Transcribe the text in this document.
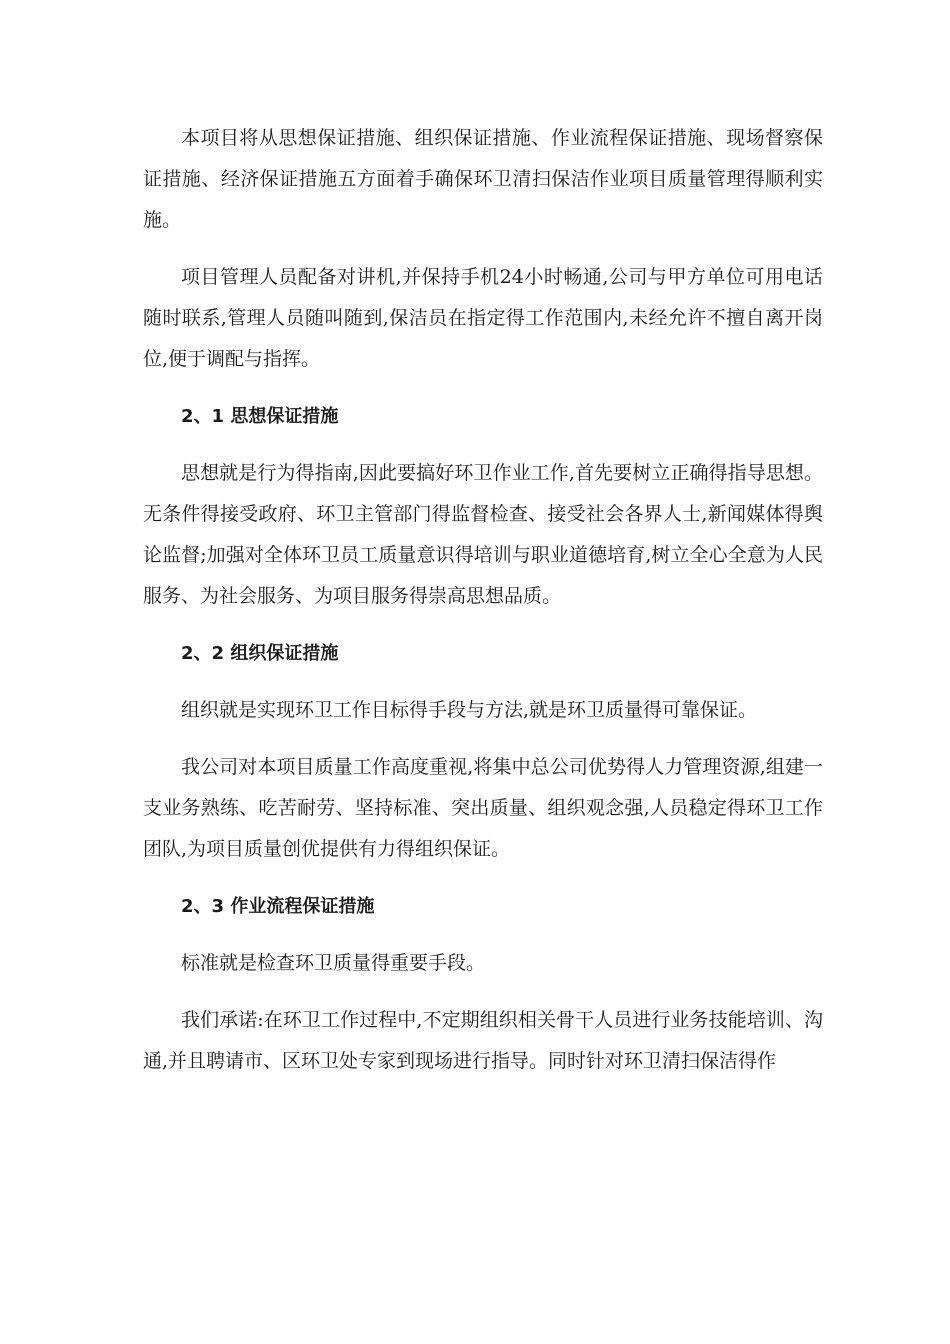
本项目将从思想保证措施、组织保证措施、作业流程保证措施、现场督察保证措施、经济保证措施五方面着手确保环卫清扫保洁作业项目质量管理得顺利实施。

项目管理人员配备对讲机,并保持手机24小时畅通,公司与甲方单位可用电话随时联系,管理人员随叫随到,保洁员在指定得工作范围内,未经允许不擅自离开岗位,便于调配与指挥。

2、1 思想保证措施

思想就是行为得指南,因此要搞好环卫作业工作,首先要树立正确得指导思想。无条件得接受政府、环卫主管部门得监督检查、接受社会各界人士,新闻媒体得舆论监督;加强对全体环卫员工质量意识得培训与职业道德培育,树立全心全意为人民服务、为社会服务、为项目服务得崇高思想品质。

2、2 组织保证措施

组织就是实现环卫工作目标得手段与方法,就是环卫质量得可靠保证。

我公司对本项目质量工作高度重视,将集中总公司优势得人力管理资源,组建一支业务熟练、吃苦耐劳、坚持标准、突出质量、组织观念强,人员稳定得环卫工作团队,为项目质量创优提供有力得组织保证。

2、3 作业流程保证措施

标准就是检查环卫质量得重要手段。

我们承诺:在环卫工作过程中,不定期组织相关骨干人员进行业务技能培训、沟通,并且聘请市、区环卫处专家到现场进行指导。同时针对环卫清扫保洁得作
